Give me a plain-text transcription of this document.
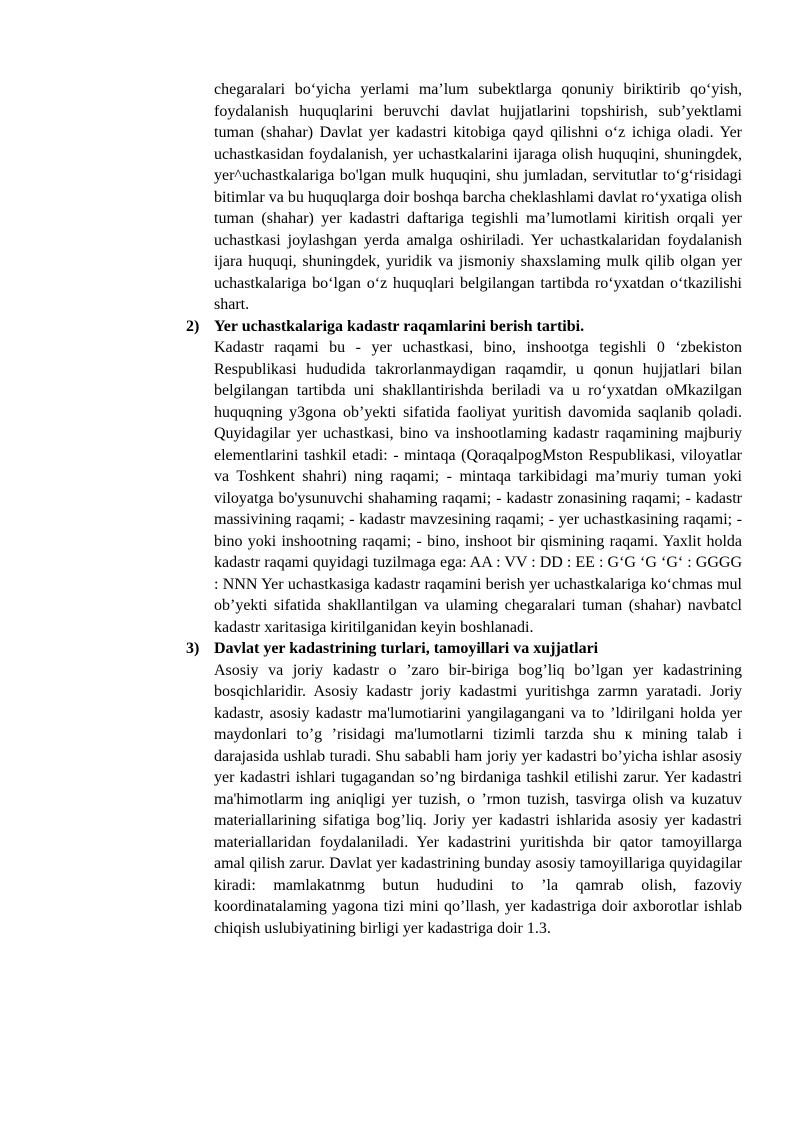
chegaralari bo‘yicha yerlami ma’lum subektlarga qonuniy biriktirib qo‘yish, foydalanish huquqlarini beruvchi davlat hujjatlarini topshirish, sub’yektlami tuman (shahar) Davlat yer kadastri kitobiga qayd qilishni o‘z ichiga oladi. Yer uchastkasidan foydalanish, yer uchastkalarini ijaraga olish huquqini, shuningdek, yer^uchastkalariga bo'lgan mulk huquqini, shu jumladan, servitutlar to‘g‘risidagi bitimlar va bu huquqlarga doir boshqa barcha cheklashlami davlat ro‘yxatiga olish tuman (shahar) yer kadastri daftariga tegishli ma’lumotlami kiritish orqali yer uchastkasi joylashgan yerda amalga oshiriladi. Yer uchastkalaridan foydalanish ijara huquqi, shuningdek, yuridik va jismoniy shaxslaming mulk qilib olgan yer uchastkalariga bo‘lgan o‘z huquqlari belgilangan tartibda ro‘yxatdan o‘tkazilishi shart.

2) Yer uchastkalariga kadastr raqamlarini berish tartibi.

Kadastr raqami bu - yer uchastkasi, bino, inshootga tegishli 0 ‘zbekiston Respublikasi hududida takrorlanmaydigan raqamdir, u qonun hujjatlari bilan belgilangan tartibda uni shakllantirishda beriladi va u ro‘yxatdan oMkazilgan huquqning y3gona ob’yekti sifatida faoliyat yuritish davomida saqlanib qoladi. Quyidagilar yer uchastkasi, bino va inshootlaming kadastr raqamining majburiy elementlarini tashkil etadi: - mintaqa (QoraqalpogMston Respublikasi, viloyatlar va Toshkent shahri) ning raqami; - mintaqa tarkibidagi ma’muriy tuman yoki viloyatga bo'ysunuvchi shahaming raqami; - kadastr zonasining raqami; - kadastr massivining raqami; - kadastr mavzesining raqami; - yer uchastkasining raqami; - bino yoki inshootning raqami; - bino, inshoot bir qismining raqami. Yaxlit holda kadastr raqami quyidagi tuzilmaga ega: AA : VV : DD : EE : G‘G ‘G ‘G‘ : GGGG : NNN Yer uchastkasiga kadastr raqamini berish yer uchastkalariga ko‘chmas mul ob’yekti sifatida shakllantilgan va ulaming chegaralari tuman (shahar) navbatcl kadastr xaritasiga kiritilganidan keyin boshlanadi.

3) Davlat yer kadastrining turlari, tamoyillari va xujjatlari

Asosiy va joriy kadastr o ’zaro bir-biriga bog’liq bo’lgan yer kadastrining bosqichlaridir. Asosiy kadastr joriy kadastmi yuritishga zarmn yaratadi. Joriy kadastr, asosiy kadastr ma'lumotiarini yangilagangani va to ’ldirilgani holda yer maydonlari to’g ’risidagi ma'lumotlarni tizimli tarzda shu к mining talab i darajasida ushlab turadi. Shu sababli ham joriy yer kadastri bo’yicha ishlar asosiy yer kadastri ishlari tugagandan so’ng birdaniga tashkil etilishi zarur. Yer kadastri ma'himotlarm ing aniqligi yer tuzish, o ’rmon tuzish, tasvirga olish va kuzatuv materiallarining sifatiga bog’liq. Joriy yer kadastri ishlarida asosiy yer kadastri materiallaridan foydalaniladi. Yer kadastrini yuritishda bir qator tamoyillarga amal qilish zarur. Davlat yer kadastrining bunday asosiy tamoyillariga quyidagilar kiradi: mamlakatnmg butun hududini to ’la qamrab olish, fazoviy koordinatalaming yagona tizi mini qo’llash, yer kadastriga doir axborotlar ishlab chiqish uslubiyatining birligi yer kadastriga doir 1.3.
